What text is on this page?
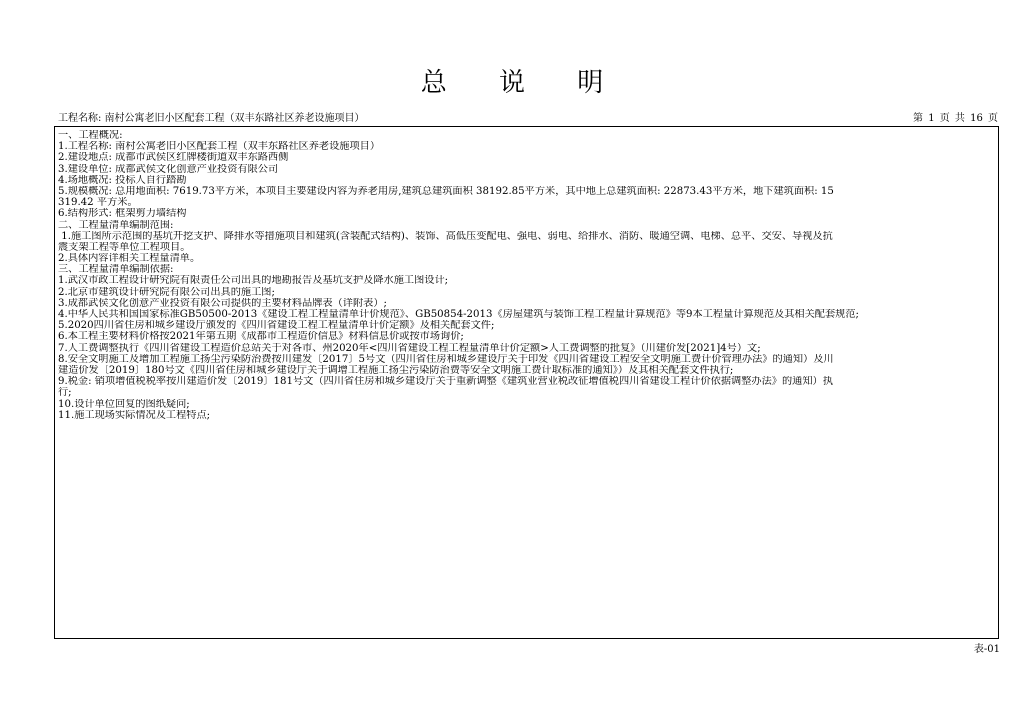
总 说 明
工程名称: 南村公寓老旧小区配套工程（双丰东路社区养老设施项目）	第 1 页 共 16 页
一、工程概况:
1.工程名称: 南村公寓老旧小区配套工程（双丰东路社区养老设施项目）
2.建设地点: 成都市武侯区红牌楼街道双丰东路西侧
3.建设单位: 成都武侯文化创意产业投资有限公司
4.场地概况: 投标人自行踏勘
5.规模概况: 总用地面积: 7619.73平方米，本项目主要建设内容为养老用房,建筑总建筑面积 38192.85平方米，其中地上总建筑面积: 22873.43平方米，地下建筑面积: 15
319.42 平方米。
6.结构形式: 框架剪力墙结构
二、工程量清单编制范围:
1.施工图所示范围的基坑开挖支护、降排水等措施项目和建筑(含装配式结构)、装饰、高低压变配电、强电、弱电、给排水、消防、暖通空调、电梯、总平、交安、导视及抗
震支架工程等单位工程项目。
2.具体内容详相关工程量清单。
三、工程量清单编制依据:
1.武汉市政工程设计研究院有限责任公司出具的地勘报告及基坑支护及降水施工图设计;
2.北京市建筑设计研究院有限公司出具的施工图;
3.成都武侯文化创意产业投资有限公司提供的主要材料品牌表（详附表）;
4.中华人民共和国国家标准GB50500-2013《建设工程工程量清单计价规范》、GB50854-2013《房屋建筑与装饰工程工程量计算规范》等9本工程量计算规范及其相关配套规范;
5.2020四川省住房和城乡建设厅颁发的《四川省建设工程工程量清单计价定额》及相关配套文件;
6.本工程主要材料价格按2021年第五期《成都市工程造价信息》材料信息价或按市场询价;
7.人工费调整执行《四川省建设工程造价总站关于对各市、州2020年<四川省建设工程工程量清单计价定额>人工费调整的批复》（川建价发[2021]4号）文;
8.安全文明施工及增加工程施工扬尘污染防治费按川建发〔2017〕5号文（四川省住房和城乡建设厅关于印发《四川省建设工程安全文明施工费计价管理办法》的通知）及川
建造价发〔2019〕180号文《四川省住房和城乡建设厅关于调增工程施工扬尘污染防治费等安全文明施工费计取标准的通知》）及其相关配套文件执行;
9.税金: 销项增值税税率按川建造价发〔2019〕181号文（四川省住房和城乡建设厅关于重新调整《建筑业营业税改征增值税四川省建设工程计价依据调整办法》的通知）执
行;
10.设计单位回复的图纸疑问;
11.施工现场实际情况及工程特点;
表-01
